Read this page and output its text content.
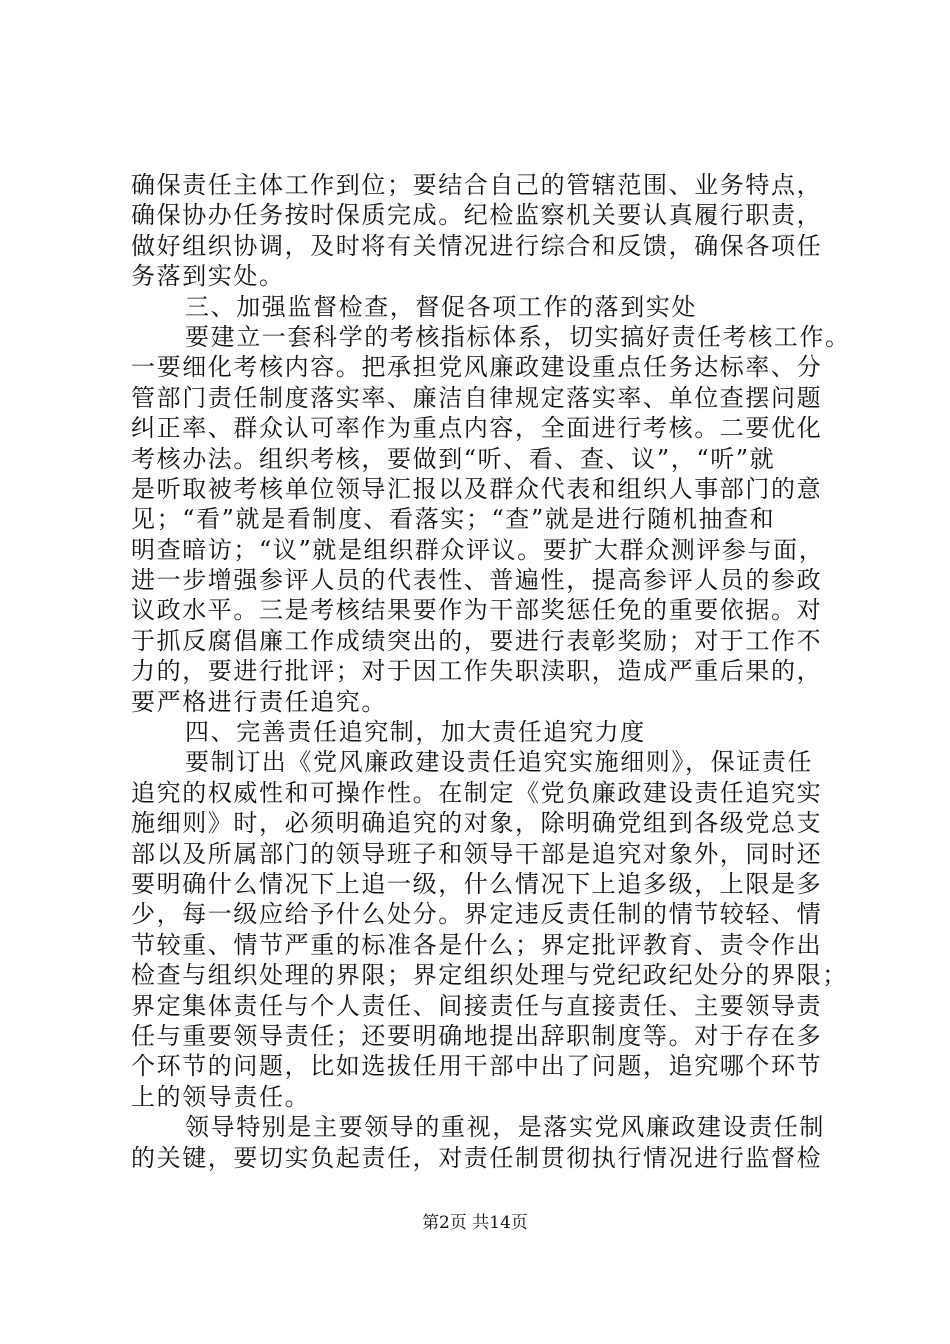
确保责任主体工作到位；要结合自己的管辖范围、业务特点，
确保协办任务按时保质完成。纪检监察机关要认真履行职责，
做好组织协调，及时将有关情况进行综合和反馈，确保各项任
务落到实处。
三、加强监督检查，督促各项工作的落到实处
要建立一套科学的考核指标体系，切实搞好责任考核工作。
一要细化考核内容。把承担党风廉政建设重点任务达标率、分
管部门责任制度落实率、廉洁自律规定落实率、单位查摆问题
纠正率、群众认可率作为重点内容，全面进行考核。二要优化
考核办法。组织考核，要做到“听、看、查、议”，“听”就
是听取被考核单位领导汇报以及群众代表和组织人事部门的意
见；“看”就是看制度、看落实；“查”就是进行随机抽查和
明查暗访；“议”就是组织群众评议。要扩大群众测评参与面，
进一步增强参评人员的代表性、普遍性，提高参评人员的参政
议政水平。三是考核结果要作为干部奖惩任免的重要依据。对
于抓反腐倡廉工作成绩突出的，要进行表彰奖励；对于工作不
力的，要进行批评；对于因工作失职渎职，造成严重后果的，
要严格进行责任追究。
四、完善责任追究制，加大责任追究力度
要制订出《党风廉政建设责任追究实施细则》，保证责任
追究的权威性和可操作性。在制定《党负廉政建设责任追究实
施细则》时，必须明确追究的对象，除明确党组到各级党总支
部以及所属部门的领导班子和领导干部是追究对象外，同时还
要明确什么情况下上追一级，什么情况下上追多级，上限是多
少，每一级应给予什么处分。界定违反责任制的情节较轻、情
节较重、情节严重的标准各是什么；界定批评教育、责令作出
检查与组织处理的界限；界定组织处理与党纪政纪处分的界限；
界定集体责任与个人责任、间接责任与直接责任、主要领导责
任与重要领导责任；还要明确地提出辞职制度等。对于存在多
个环节的问题，比如选拔任用干部中出了问题，追究哪个环节
上的领导责任。
领导特别是主要领导的重视，是落实党风廉政建设责任制
的关键，要切实负起责任，对责任制贯彻执行情况进行监督检
第2页 共14页
